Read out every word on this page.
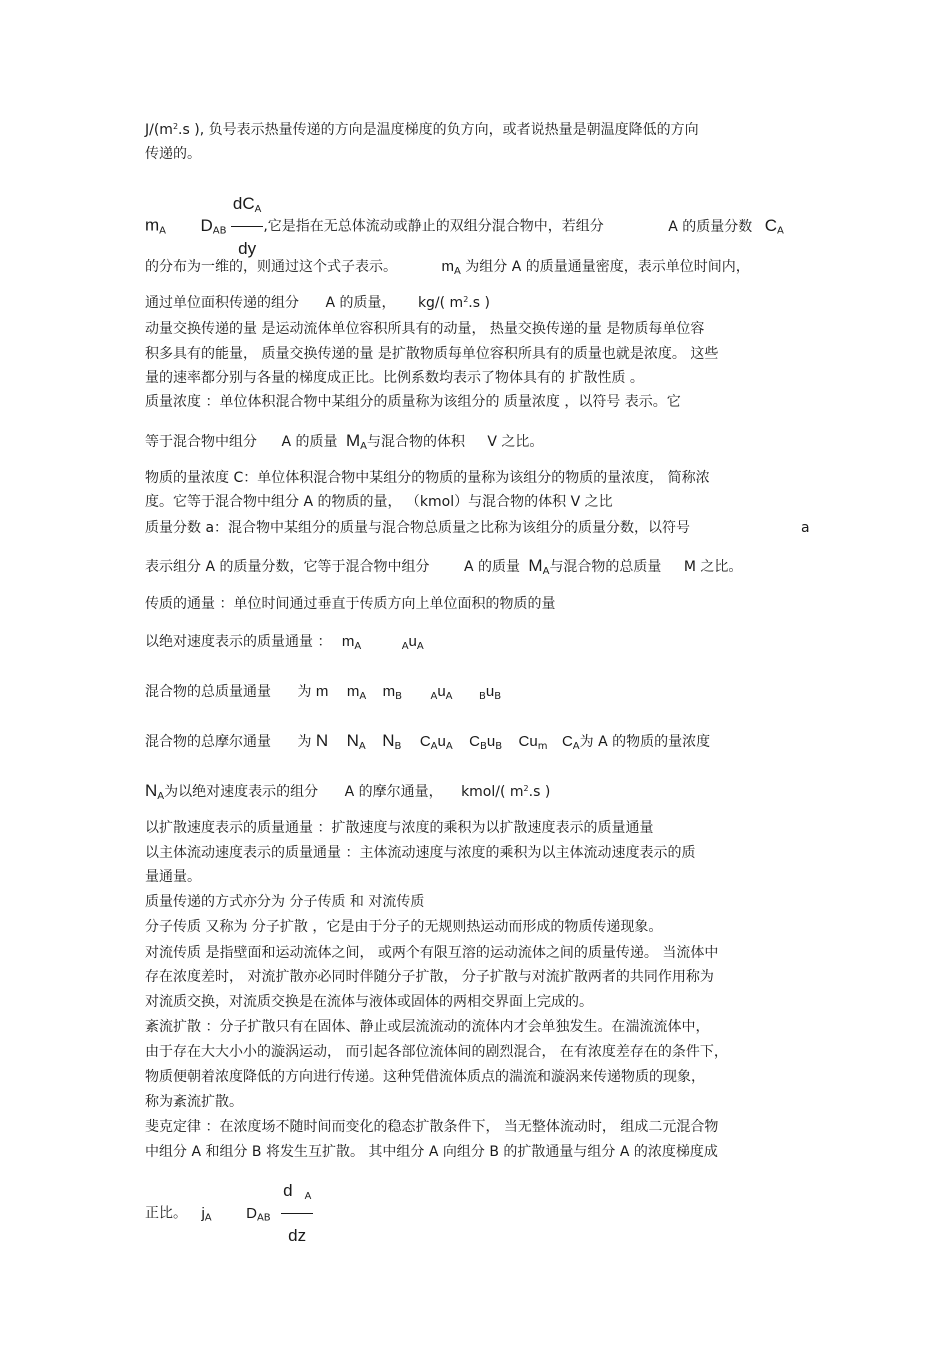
$J/(m^2.s$ ), 负号表示热量传递的方向是温度梯度的负方向，或者说热量是朝温度降低的方向
传递的。
$m_A$ $D_{AB} \frac{\text{dCA}}{dy}$ ,它是指在无总体流动或静止的双组分混合物中，若组分	A 的质量分数 $C_A$
的分布为一维的，则通过这个式子表示。	$m_A$ 为组分 A 的质量通量密度，表示单位时间内，
通过单位面积传递的组分 A 的质量， kg/( $m^2.s$ )
动量交换传递的量 是运动流体单位容积所具有的动量， 热量交换传递的量 是物质每单位容
积多具有的能量， 质量交换传递的量 是扩散物质每单位容积所具有的质量也就是浓度。 这些
量的速率都分别与各量的梯度成正比。比例系数均表示了物体具有的 扩散性质 。
质量浓度 ：单位体积混合物中某组分的质量称为该组分的 质量浓度 ，以符号 表示。它
等于混合物中组分 A 的质量 $M_A$与混合物的体积 V 之比。
物质的量浓度 C：单位体积混合物中某组分的物质的量称为该组分的物质的量浓度， 简称浓
度。它等于混合物中组分 A 的物质的量， （kmol）与混合物的体积 V 之比
质量分数 a：混合物中某组分的质量与混合物总质量之比称为该组分的质量分数，以符号	a
表示组分 A 的质量分数，它等于混合物中组分 A 的质量 $M_A$与混合物的总质量 M 之比。
传质的通量 ：单位时间通过垂直于传质方向上单位面积的物质的量
以绝对速度表示的质量通量 ： $m_A$	$_Au_A$
混合物的总质量通量 为 m $m_A$ $m_B$	$_Au_A$	$_Bu_B$
混合物的总摩尔通量 为 N $N_A$ $N_B$ $C_Au_A$ $C_Bu_B$ $Cu_m$ $C_A$为 A 的物质的量浓度
$N_A$为以绝对速度表示的组分 A 的摩尔通量， kmol/( $m^2.s$ )
以扩散速度表示的质量通量 ：扩散速度与浓度的乘积为以扩散速度表示的质量通量
以主体流动速度表示的质量通量 ：主体流动速度与浓度的乘积为以主体流动速度表示的质
量通量。
质量传递的方式亦分为 分子传质 和 对流传质
分子传质 又称为 分子扩散 ，它是由于分子的无规则热运动而形成的物质传递现象。
对流传质 是指壁面和运动流体之间， 或两个有限互溶的运动流体之间的质量传递。 当流体中
存在浓度差时， 对流扩散亦必同时伴随分子扩散， 分子扩散与对流扩散两者的共同作用称为
对流质交换，对流质交换是在流体与液体或固体的两相交界面上完成的。
紊流扩散 ：分子扩散只有在固体、静止或层流流动的流体内才会单独发生。在湍流流体中，
由于存在大大小小的漩涡运动， 而引起各部位流体间的剧烈混合， 在有浓度差存在的条件下，
物质便朝着浓度降低的方向进行传递。这种凭借流体质点的湍流和漩涡来传递物质的现象，
称为紊流扩散。
斐克定律 ：在浓度场不随时间而变化的稳态扩散条件下， 当无整体流动时， 组成二元混合物
中组分 A 和组分 B 将发生互扩散。 其中组分 A 向组分 B 的扩散通量与组分 A 的浓度梯度成
正比。 $j_A$ $D_{AB} \frac{\text{d A}}{dz}$
